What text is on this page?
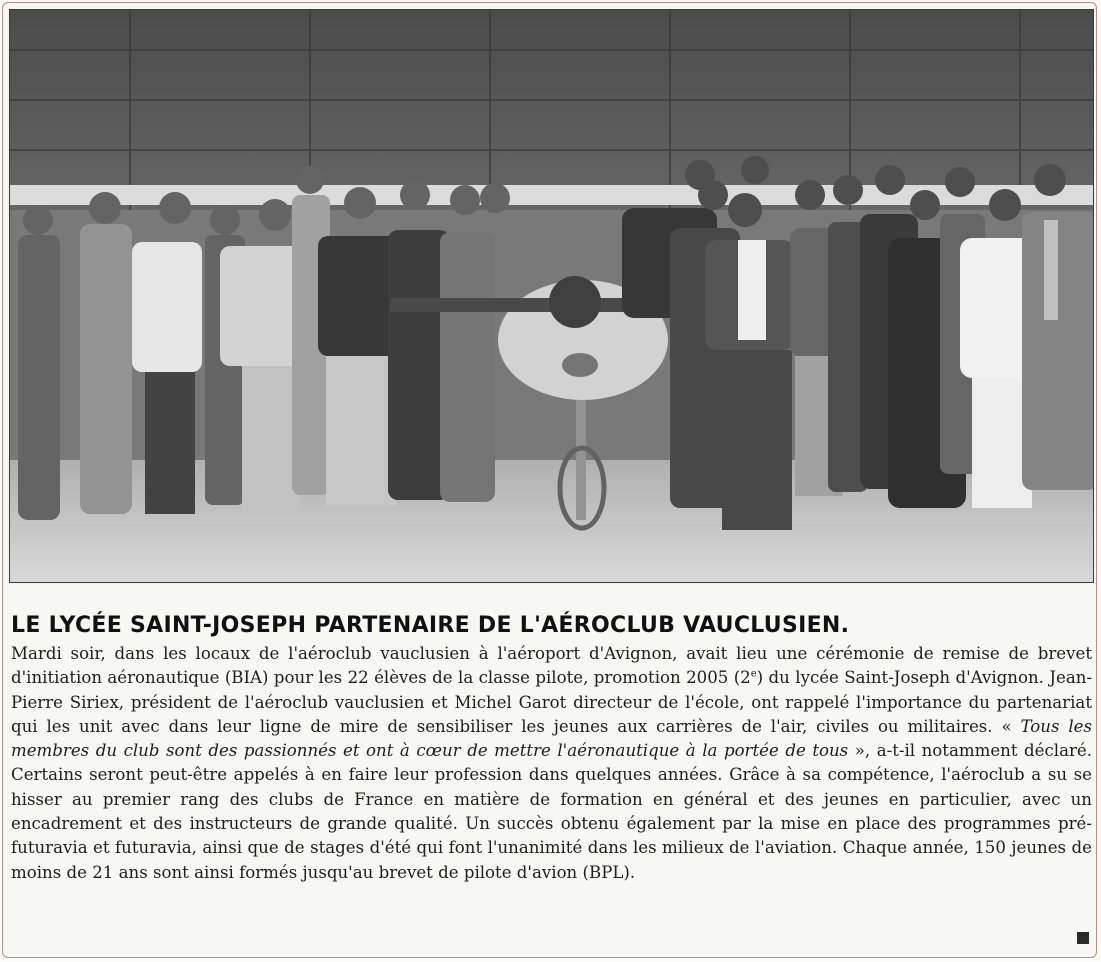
LE LYCÉE SAINT-JOSEPH PARTENAIRE DE L'AÉROCLUB VAUCLUSIEN.
Mardi soir, dans les locaux de l'aéroclub vauclusien à l'aéroport d'Avignon, avait lieu une cérémonie de remise de brevet d'initiation aéronautique (BIA) pour les 22 élèves de la classe pilote, promotion 2005 (2e) du lycée Saint-Joseph d'Avignon. Jean-Pierre Siriex, président de l'aéroclub vauclusien et Michel Garot directeur de l'école, ont rappelé l'importance du partenariat qui les unit avec dans leur ligne de mire de sensibiliser les jeunes aux carrières de l'air, civiles ou militaires. « Tous les membres du club sont des passionnés et ont à cœur de mettre l'aéronautique à la portée de tous », a-t-il notamment déclaré. Certains seront peut-être appelés à en faire leur profession dans quelques années. Grâce à sa compétence, l'aéroclub a su se hisser au premier rang des clubs de France en matière de formation en général et des jeunes en particulier, avec un encadrement et des instructeurs de grande qualité. Un succès obtenu également par la mise en place des programmes pré-futuravia et futuravia, ainsi que de stages d'été qui font l'unanimité dans les milieux de l'aviation. Chaque année, 150 jeunes de moins de 21 ans sont ainsi formés jusqu'au brevet de pilote d'avion (BPL).
